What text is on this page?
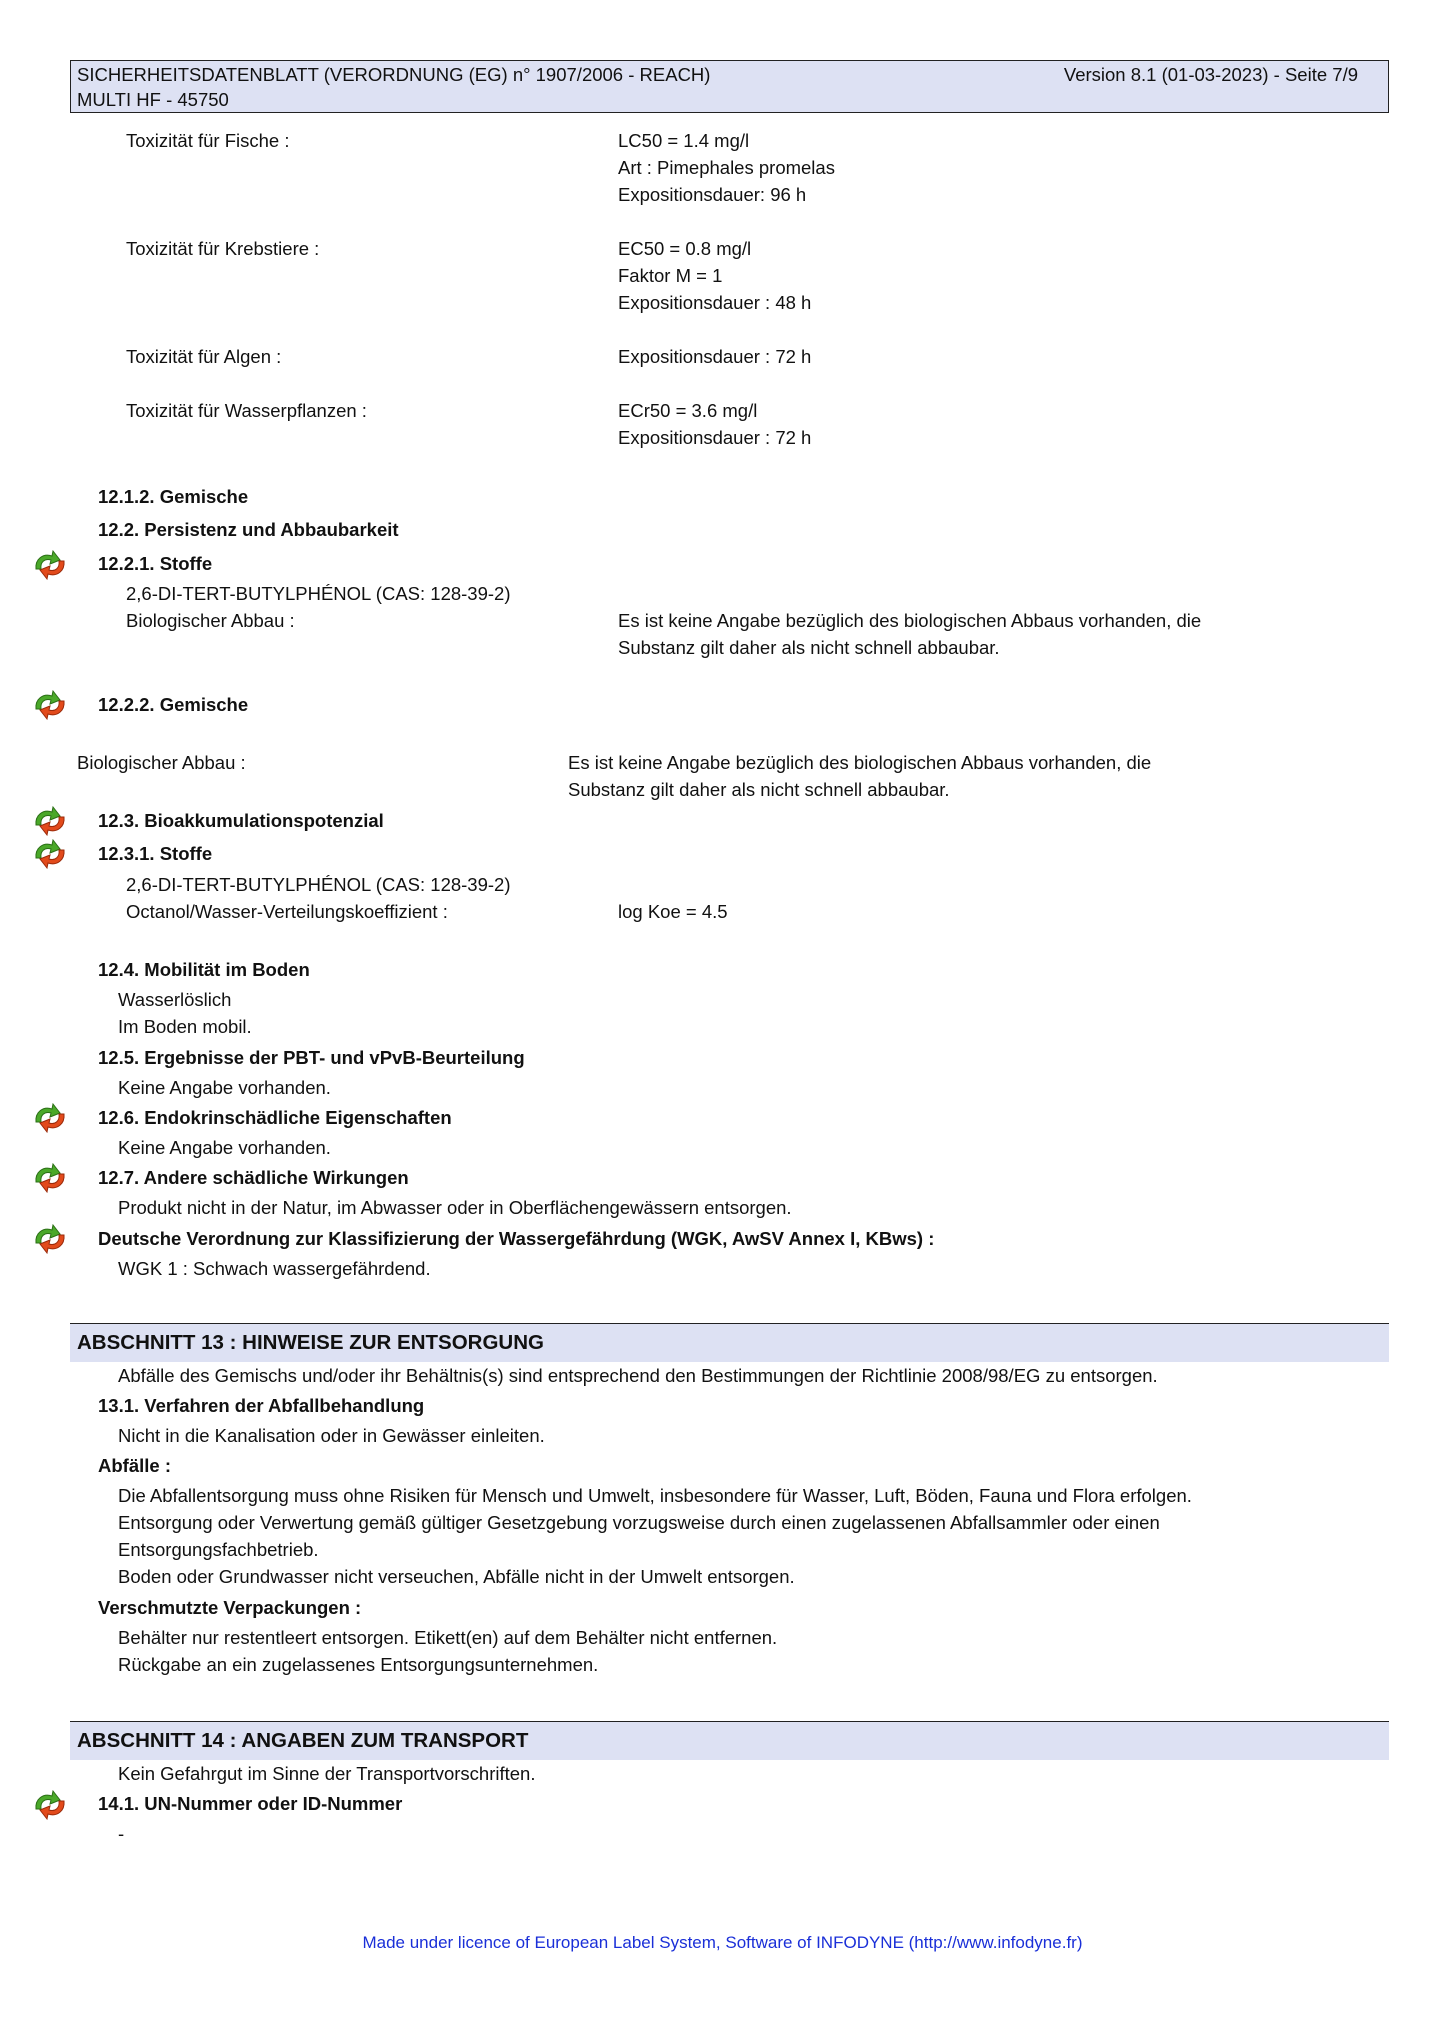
SICHERHEITSDATENBLATT (VERORDNUNG (EG) n° 1907/2006 - REACH)
MULTI HF - 45750
Version 8.1 (01-03-2023) - Seite 7/9
Toxizität für Fische :	LC50 = 1.4 mg/l
Art : Pimephales promelas
Expositionsdauer: 96 h
Toxizität für Krebstiere :	EC50 = 0.8 mg/l
Faktor M = 1
Expositionsdauer : 48 h
Toxizität für Algen :	Expositionsdauer : 72 h
Toxizität für Wasserpflanzen :	ECr50 = 3.6 mg/l
Expositionsdauer : 72 h
12.1.2. Gemische
12.2. Persistenz und Abbaubarkeit
12.2.1. Stoffe
2,6-DI-TERT-BUTYLPHÉNOL (CAS: 128-39-2)
Biologischer Abbau :	Es ist keine Angabe bezüglich des biologischen Abbaus vorhanden, die
Substanz gilt daher als nicht schnell abbaubar.
12.2.2. Gemische
Biologischer Abbau :	Es ist keine Angabe bezüglich des biologischen Abbaus vorhanden, die
Substanz gilt daher als nicht schnell abbaubar.
12.3. Bioakkumulationspotenzial
12.3.1. Stoffe
2,6-DI-TERT-BUTYLPHÉNOL (CAS: 128-39-2)
Octanol/Wasser-Verteilungskoeffizient :	log Koe = 4.5
12.4. Mobilität im Boden
Wasserlöslich
Im Boden mobil.
12.5. Ergebnisse der PBT- und vPvB-Beurteilung
Keine Angabe vorhanden.
12.6. Endokrinschädliche Eigenschaften
Keine Angabe vorhanden.
12.7. Andere schädliche Wirkungen
Produkt nicht in der Natur, im Abwasser oder in Oberflächengewässern entsorgen.
Deutsche Verordnung zur Klassifizierung der Wassergefährdung (WGK, AwSV Annex I, KBws) :
WGK 1 : Schwach wassergefährdend.
ABSCHNITT 13 : HINWEISE ZUR ENTSORGUNG
Abfälle des Gemischs und/oder ihr Behältnis(s) sind entsprechend den Bestimmungen der Richtlinie 2008/98/EG zu entsorgen.
13.1. Verfahren der Abfallbehandlung
Nicht in die Kanalisation oder in Gewässer einleiten.
Abfälle :
Die Abfallentsorgung muss ohne Risiken für Mensch und Umwelt, insbesondere für Wasser, Luft, Böden, Fauna und Flora erfolgen.
Entsorgung oder Verwertung gemäß gültiger Gesetzgebung vorzugsweise durch einen zugelassenen Abfallsammler oder einen
Entsorgungsfachbetrieb.
Boden oder Grundwasser nicht verseuchen, Abfälle nicht in der Umwelt entsorgen.
Verschmutzte Verpackungen :
Behälter nur restentleert entsorgen. Etikett(en) auf dem Behälter nicht entfernen.
Rückgabe an ein zugelassenes Entsorgungsunternehmen.
ABSCHNITT 14 : ANGABEN ZUM TRANSPORT
Kein Gefahrgut im Sinne der Transportvorschriften.
14.1. UN-Nummer oder ID-Nummer
-
Made under licence of European Label System, Software of INFODYNE (http://www.infodyne.fr)
